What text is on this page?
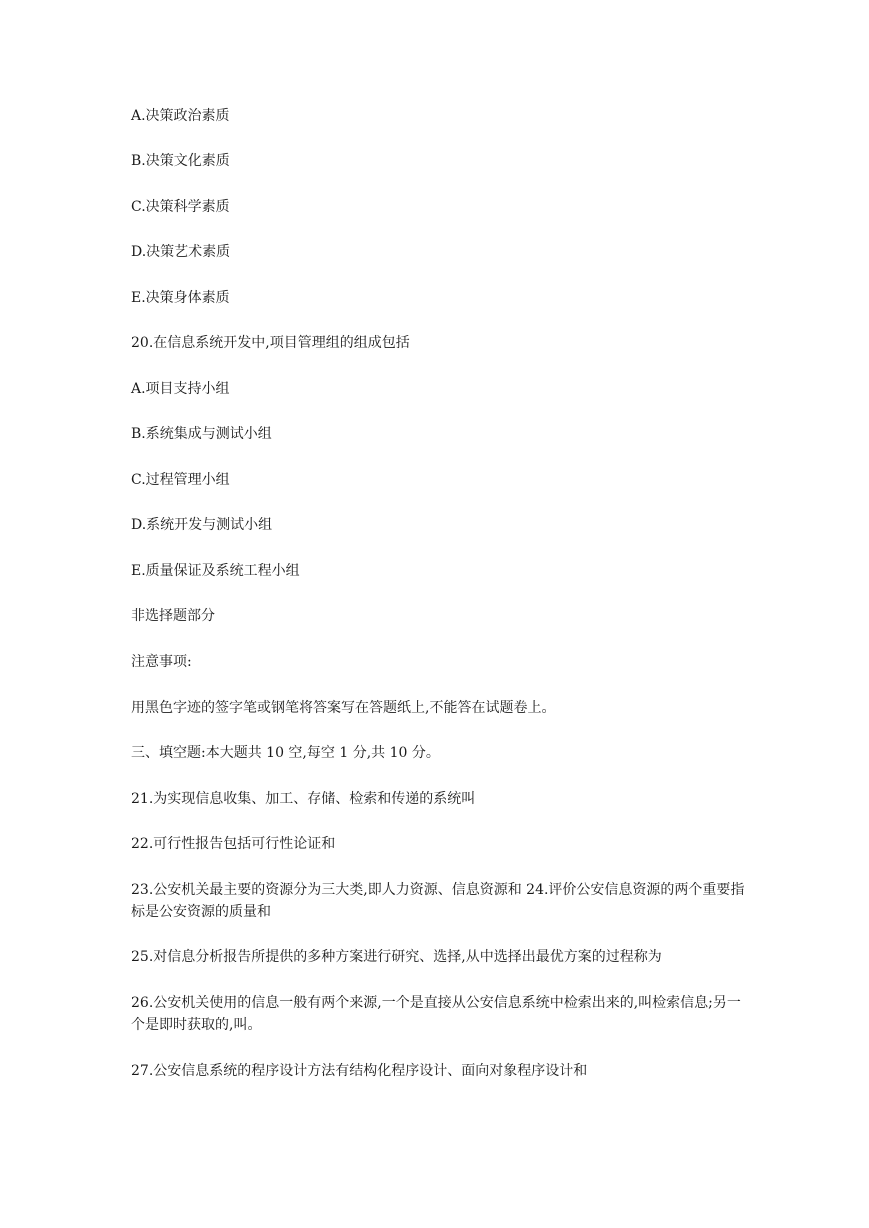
A.决策政治素质
B.决策文化素质
C.决策科学素质
D.决策艺术素质
E.决策身体素质
20.在信息系统开发中,项目管理组的组成包括
A.项目支持小组
B.系统集成与测试小组
C.过程管理小组
D.系统开发与测试小组
E.质量保证及系统工程小组
非选择题部分
注意事项:
用黑色字迹的签字笔或钢笔将答案写在答题纸上,不能答在试题卷上。
三、填空题:本大题共 10 空,每空 1 分,共 10 分。
21.为实现信息收集、加工、存储、检索和传递的系统叫
22.可行性报告包括可行性论证和
23.公安机关最主要的资源分为三大类,即人力资源、信息资源和 24.评价公安信息资源的两个重要指标是公安资源的质量和
25.对信息分析报告所提供的多种方案进行研究、选择,从中选择出最优方案的过程称为
26.公安机关使用的信息一般有两个来源,一个是直接从公安信息系统中检索出来的,叫检索信息;另一个是即时获取的,叫。
27.公安信息系统的程序设计方法有结构化程序设计、面向对象程序设计和
